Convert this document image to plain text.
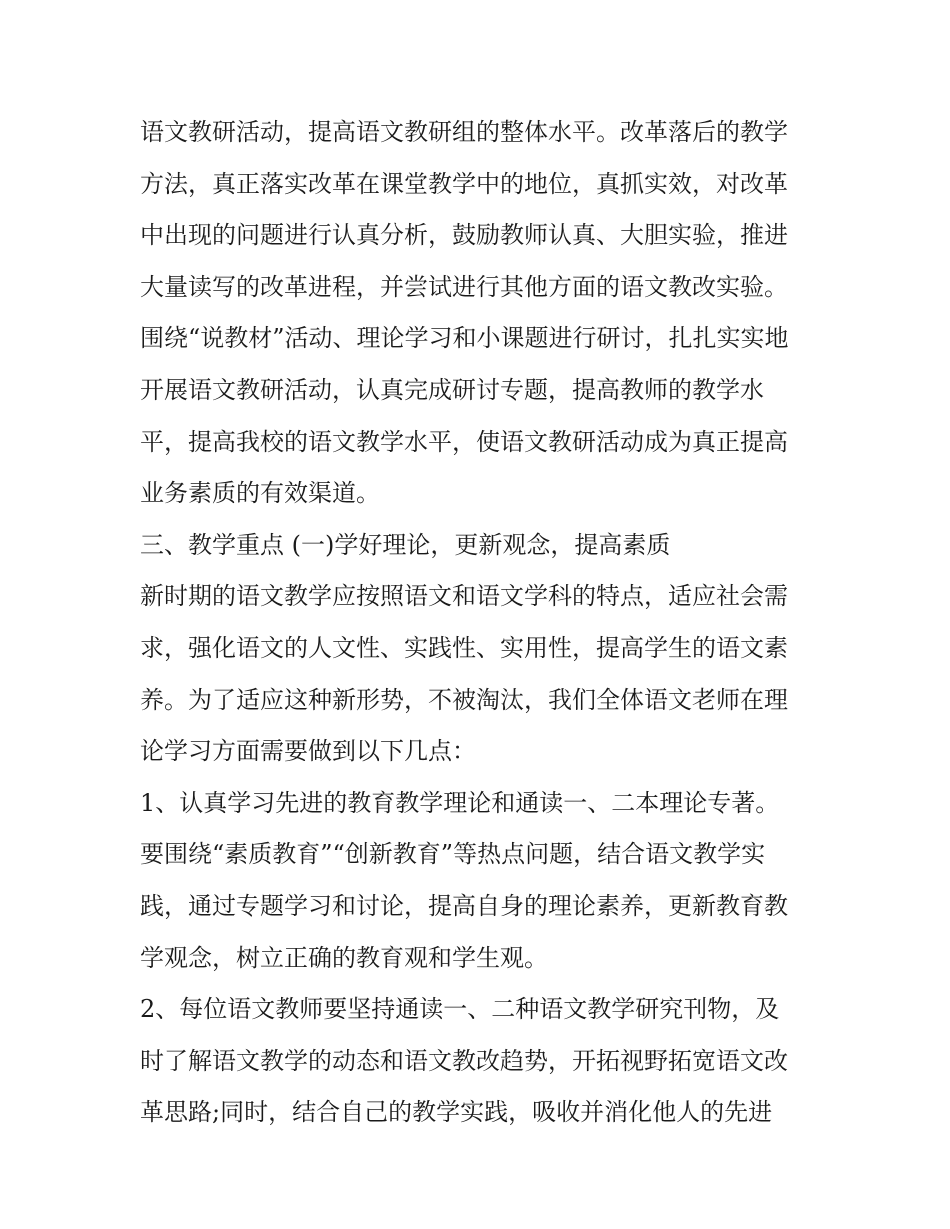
语文教研活动，提高语文教研组的整体水平。改革落后的教学
方法，真正落实改革在课堂教学中的地位，真抓实效，对改革
中出现的问题进行认真分析，鼓励教师认真、大胆实验，推进
大量读写的改革进程，并尝试进行其他方面的语文教改实验。
围绕“说教材”活动、理论学习和小课题进行研讨，扎扎实实地
开展语文教研活动，认真完成研讨专题，提高教师的教学水
平，提高我校的语文教学水平，使语文教研活动成为真正提高
业务素质的有效渠道。
三、教学重点 (一)学好理论，更新观念，提高素质
新时期的语文教学应按照语文和语文学科的特点，适应社会需
求，强化语文的人文性、实践性、实用性，提高学生的语文素
养。为了适应这种新形势，不被淘汰，我们全体语文老师在理
论学习方面需要做到以下几点：
1、认真学习先进的教育教学理论和通读一、二本理论专著。
要围绕“素质教育”“创新教育”等热点问题，结合语文教学实
践，通过专题学习和讨论，提高自身的理论素养，更新教育教
学观念，树立正确的教育观和学生观。
2、每位语文教师要坚持通读一、二种语文教学研究刊物，及
时了解语文教学的动态和语文教改趋势，开拓视野拓宽语文改
革思路;同时，结合自己的教学实践，吸收并消化他人的先进
